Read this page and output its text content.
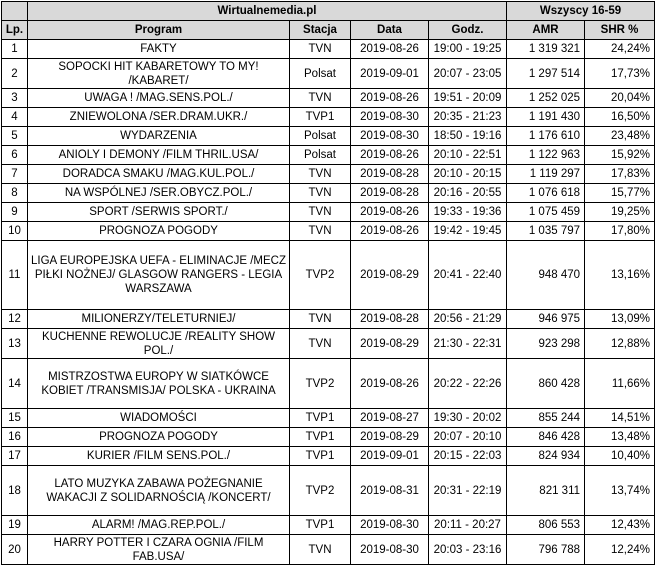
	Wirtualnemedia.pl				Wszyscy 16-59	
Lp.	Program	Stacja	Data	Godz.	AMR	SHR %
1	FAKTY	TVN	2019-08-26	19:00 - 19:25	1 319 321	24,24%
2	SOPOCKI HIT KABARETOWY TO MY! /KABARET/	Polsat	2019-09-01	20:07 - 23:05	1 297 514	17,73%
3	UWAGA ! /MAG.SENS.POL./	TVN	2019-08-26	19:51 - 20:09	1 252 025	20,04%
4	ZNIEWOLONA /SER.DRAM.UKR./	TVP1	2019-08-30	20:35 - 21:23	1 191 430	16,50%
5	WYDARZENIA	Polsat	2019-08-30	18:50 - 19:16	1 176 610	23,48%
6	ANIOLY I DEMONY /FILM THRIL.USA/	Polsat	2019-08-26	20:10 - 22:51	1 122 963	15,92%
7	DORADCA SMAKU /MAG.KUL.POL./	TVN	2019-08-28	20:10 - 20:15	1 119 297	17,83%
8	NA WSPÓLNEJ /SER.OBYCZ.POL./	TVN	2019-08-28	20:16 - 20:55	1 076 618	15,77%
9	SPORT /SERWIS SPORT./	TVN	2019-08-26	19:33 - 19:36	1 075 459	19,25%
10	PROGNOZA POGODY	TVN	2019-08-26	19:42 - 19:45	1 035 797	17,80%
11	LIGA EUROPEJSKA UEFA - ELIMINACJE /MECZ PIŁKI NOŻNEJ/ GLASGOW RANGERS - LEGIA WARSZAWA	TVP2	2019-08-29	20:41 - 22:40	948 470	13,16%
12	MILIONERZY/TELETURNIEJ/	TVN	2019-08-28	20:56 - 21:29	946 975	13,09%
13	KUCHENNE REWOLUCJE /REALITY SHOW POL./	TVN	2019-08-29	21:30 - 22:31	923 298	12,88%
14	MISTRZOSTWA EUROPY W SIATKÓWCE KOBIET /TRANSMISJA/ POLSKA - UKRAINA	TVP2	2019-08-26	20:22 - 22:26	860 428	11,66%
15	WIADOMOŚCI	TVP1	2019-08-27	19:30 - 20:02	855 244	14,51%
16	PROGNOZA POGODY	TVP1	2019-08-29	20:07 - 20:10	846 428	13,48%
17	KURIER /FILM SENS.POL./	TVP1	2019-09-01	20:15 - 22:03	824 934	10,40%
18	LATO MUZYKA ZABAWA POŻEGNANIE WAKACJI Z SOLIDARNOŚCIĄ /KONCERT/	TVP2	2019-08-31	20:31 - 22:19	821 311	13,74%
19	ALARM! /MAG.REP.POL./	TVP1	2019-08-30	20:11 - 20:27	806 553	12,43%
20	HARRY POTTER I CZARA OGNIA /FILM FAB.USA/	TVN	2019-08-30	20:03 - 23:16	796 788	12,24%
